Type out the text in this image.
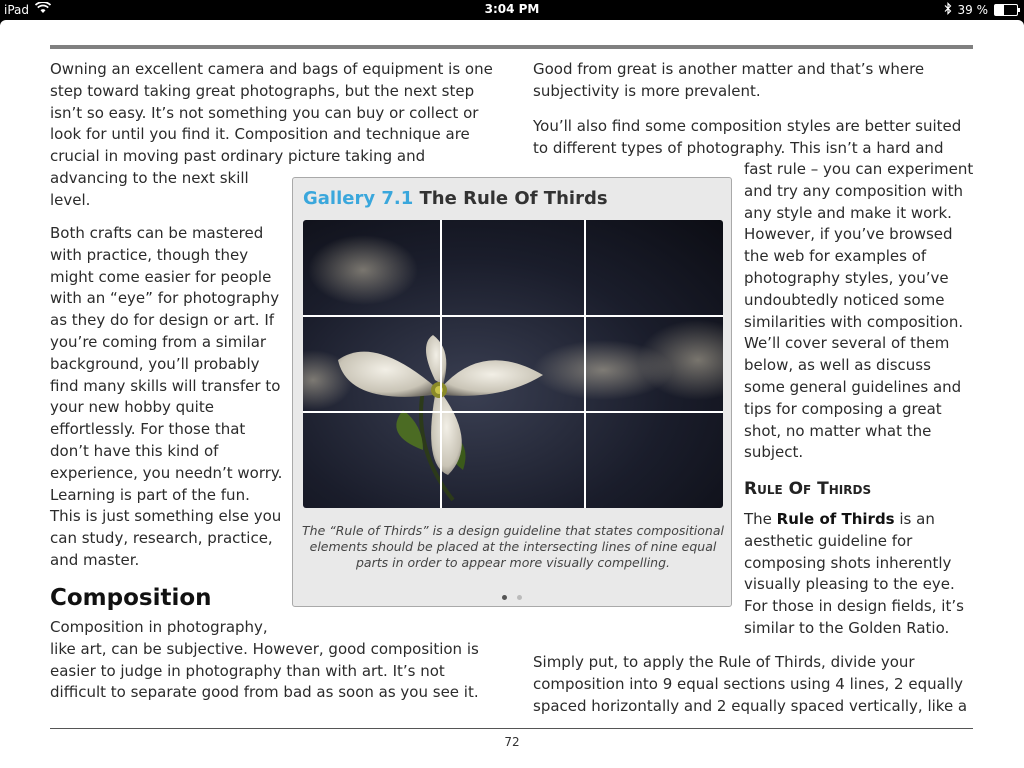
iPad	3:04 PM	39 %

Owning an excellent camera and bags of equipment is one
step toward taking great photographs, but the next step
isn’t so easy. It’s not something you can buy or collect or
look for until you find it. Composition and technique are
crucial in moving past ordinary picture taking and
advancing to the next skill
level.

Both crafts can be mastered
with practice, though they
might come easier for people
with an “eye” for photography
as they do for design or art. If
you’re coming from a similar
background, you’ll probably
find many skills will transfer to
your new hobby quite
effortlessly. For those that
don’t have this kind of
experience, you needn’t worry.
Learning is part of the fun.
This is just something else you
can study, research, practice,
and master.

Composition

Composition in photography,
like art, can be subjective. However, good composition is
easier to judge in photography than with art. It’s not
difficult to separate good from bad as soon as you see it.

Good from great is another matter and that’s where
subjectivity is more prevalent.

You’ll also find some composition styles are better suited
to different types of photography. This isn’t a hard and

fast rule – you can experiment
and try any composition with
any style and make it work.
However, if you’ve browsed
the web for examples of
photography styles, you’ve
undoubtedly noticed some
similarities with composition.
We’ll cover several of them
below, as well as discuss
some general guidelines and
tips for composing a great
shot, no matter what the
subject.

Rule Of Thirds

The Rule of Thirds is an
aesthetic guideline for
composing shots inherently
visually pleasing to the eye.
For those in design fields, it’s
similar to the Golden Ratio.

Simply put, to apply the Rule of Thirds, divide your
composition into 9 equal sections using 4 lines, 2 equally
spaced horizontally and 2 equally spaced vertically, like a

Gallery 7.1 The Rule Of Thirds
The “Rule of Thirds” is a design guideline that states compositional
elements should be placed at the intersecting lines of nine equal
parts in order to appear more visually compelling.
72
